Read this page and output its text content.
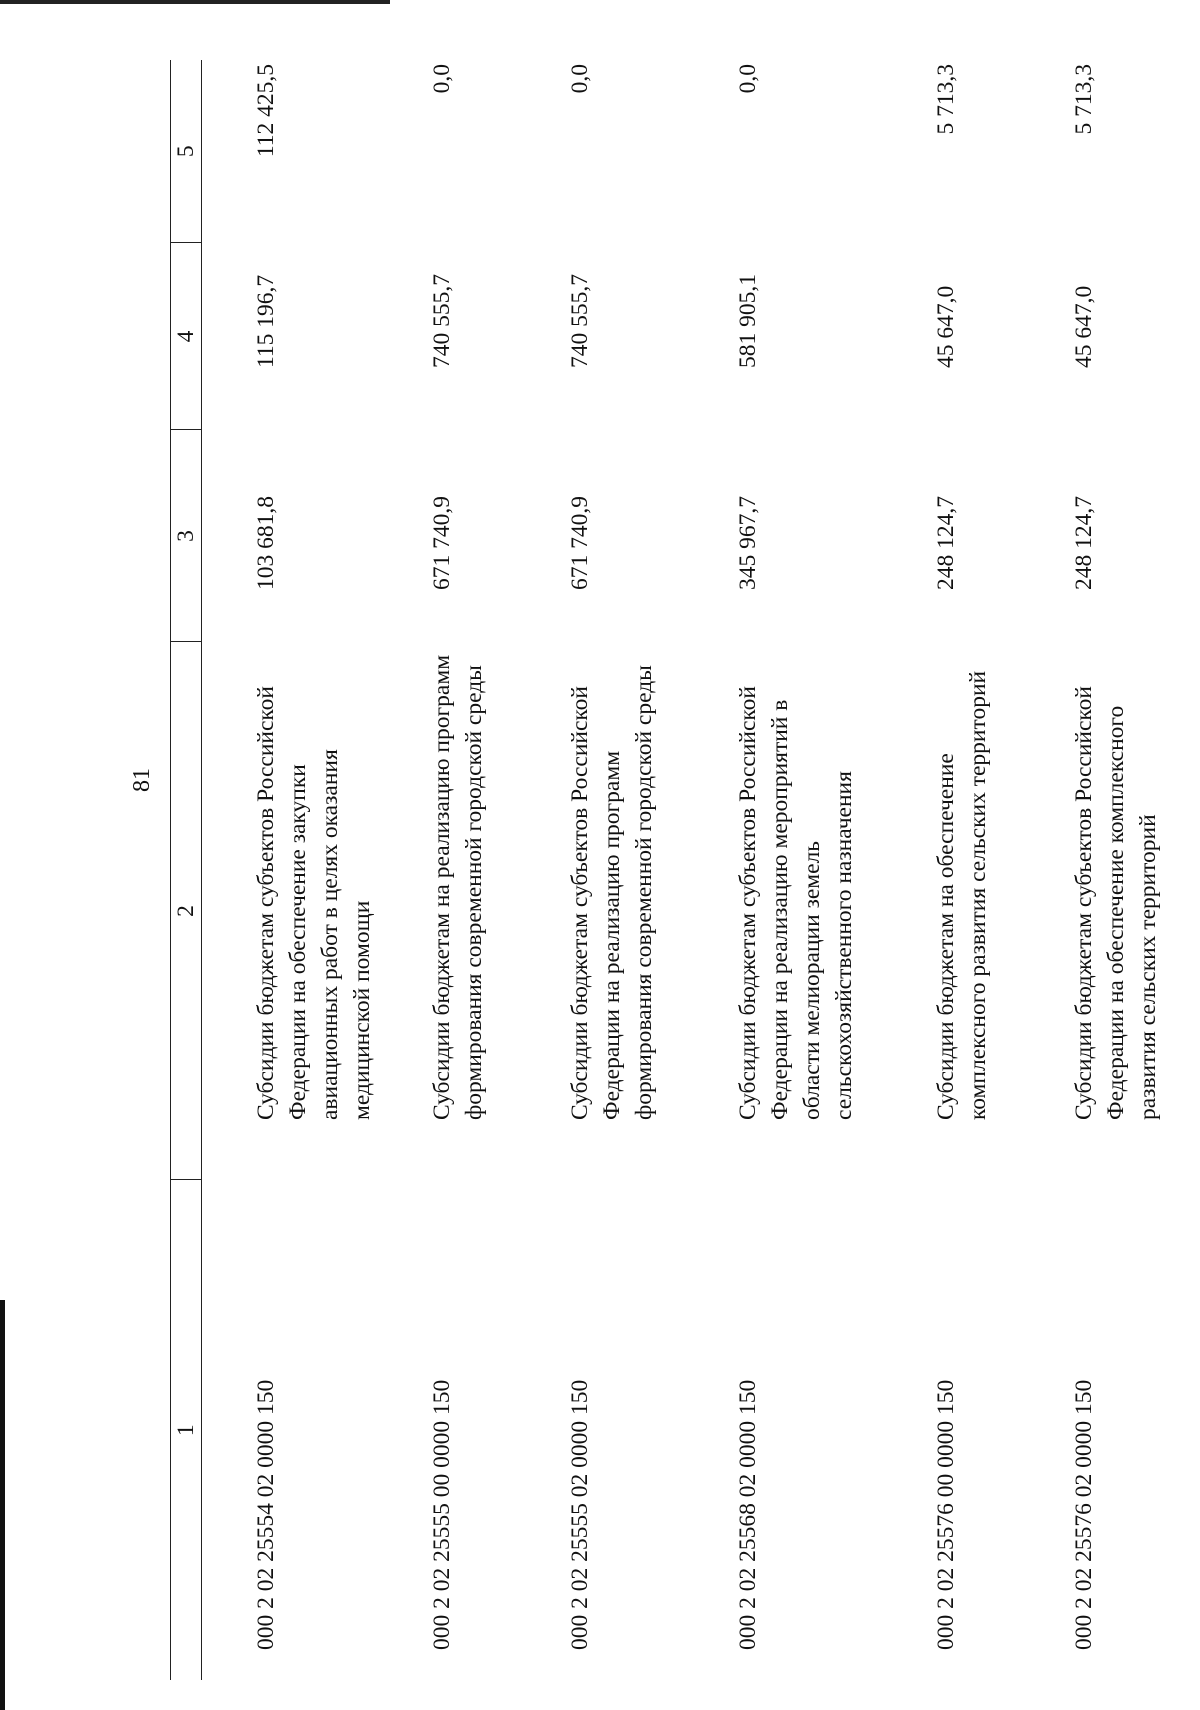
81
1	2	3	4	5
000 2 02 25554 02 0000 150	Субсидии бюджетам субъектов Российской Федерации на обеспечение закупки авиационных работ в целях оказания медицинской помощи	103 681,8	115 196,7	112 425,5
000 2 02 25555 00 0000 150	Субсидии бюджетам на реализацию программ формирования современной городской среды	671 740,9	740 555,7	0,0
000 2 02 25555 02 0000 150	Субсидии бюджетам субъектов Российской Федерации на реализацию программ формирования современной городской среды	671 740,9	740 555,7	0,0
000 2 02 25568 02 0000 150	Субсидии бюджетам субъектов Российской Федерации на реализацию мероприятий в области мелиорации земель сельскохозяйственного назначения	345 967,7	581 905,1	0,0
000 2 02 25576 00 0000 150	Субсидии бюджетам на обеспечение комплексного развития сельских территорий	248 124,7	45 647,0	5 713,3
000 2 02 25576 02 0000 150	Субсидии бюджетам субъектов Российской Федерации на обеспечение комплексного развития сельских территорий	248 124,7	45 647,0	5 713,3
